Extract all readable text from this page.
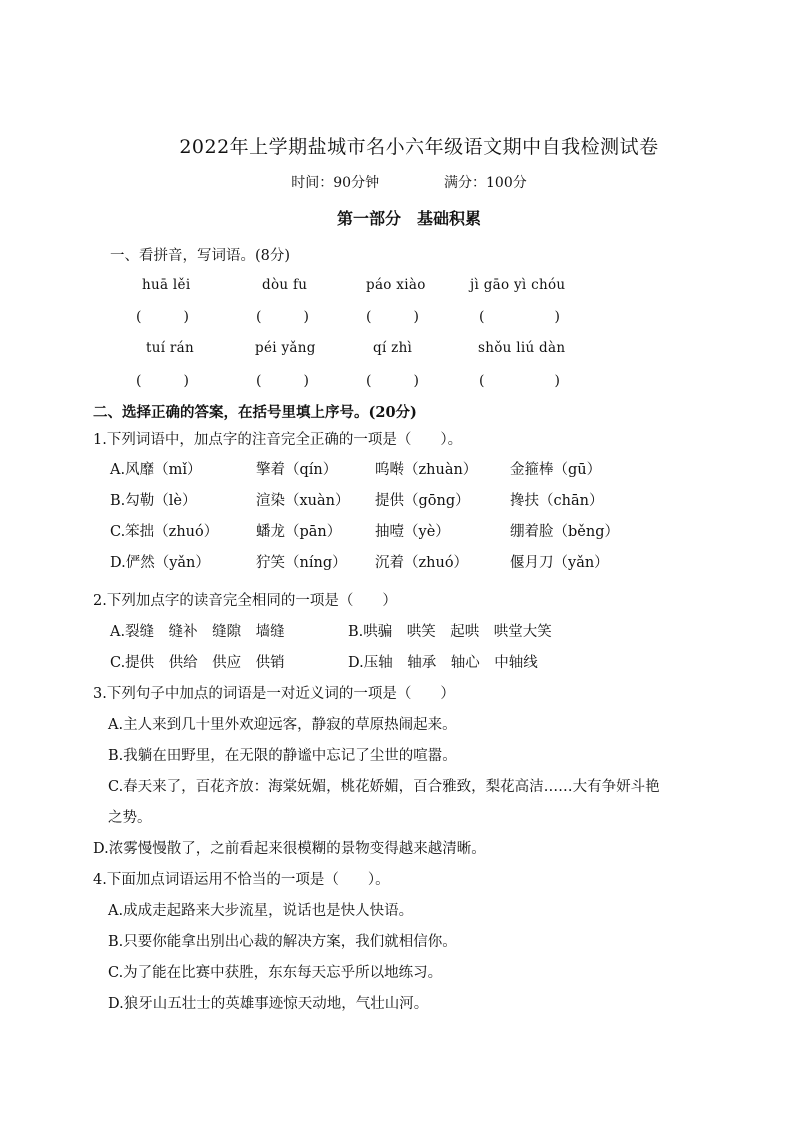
2022年上学期盐城市名小六年级语文期中自我检测试卷
时间：90分钟	满分：100分
第一部分　基础积累
一、看拼音，写词语。(8分)
huā lěi	dòu fu	páo xiào	jì gāo yì chóu
(　　　)	(　　　)	(　　　)	(　　　　　)
tuí rán	péi yǎng	qí zhì	shǒu liú dàn
(　　　)	(　　　)	(　　　)	(　　　　　)
二、选择正确的答案，在括号里填上序号。(20分)
1.下列词语中，加点字的注音完全正确的一项是（　　）。
A.风靡（mǐ）	擎着（qín）	呜啭（zhuàn） 金箍棒（gū）
B.勾勒（lè）	渲染（xuàn） 提供（gōng）	搀扶（chān）
C.笨拙（zhuó）	蟠龙（pān） 抽噎（yè）	绷着脸（běng）
D.俨然（yǎn）	狞笑（níng） 沉着（zhuó）	偃月刀（yǎn）
2.下列加点字的读音完全相同的一项是（　　）
A.裂缝　缝补　缝隙　墙缝	B.哄骗　哄笑　起哄　哄堂大笑
C.提供　供给　供应　供销	D.压轴　轴承　轴心　中轴线
3.下列句子中加点的词语是一对近义词的一项是（　　）
A.主人来到几十里外欢迎远客，静寂的草原热闹起来。
B.我躺在田野里，在无限的静谧中忘记了尘世的喧嚣。
C.春天来了，百花齐放：海棠妩媚，桃花娇媚，百合雅致，梨花高洁……大有争妍斗艳
之势。
D.浓雾慢慢散了，之前看起来很模糊的景物变得越来越清晰。
4.下面加点词语运用不恰当的一项是（　　）。
A.成成走起路来大步流星，说话也是快人快语。
B.只要你能拿出别出心裁的解决方案，我们就相信你。
C.为了能在比赛中获胜，东东每天忘乎所以地练习。
D.狼牙山五壮士的英雄事迹惊天动地，气壮山河。
